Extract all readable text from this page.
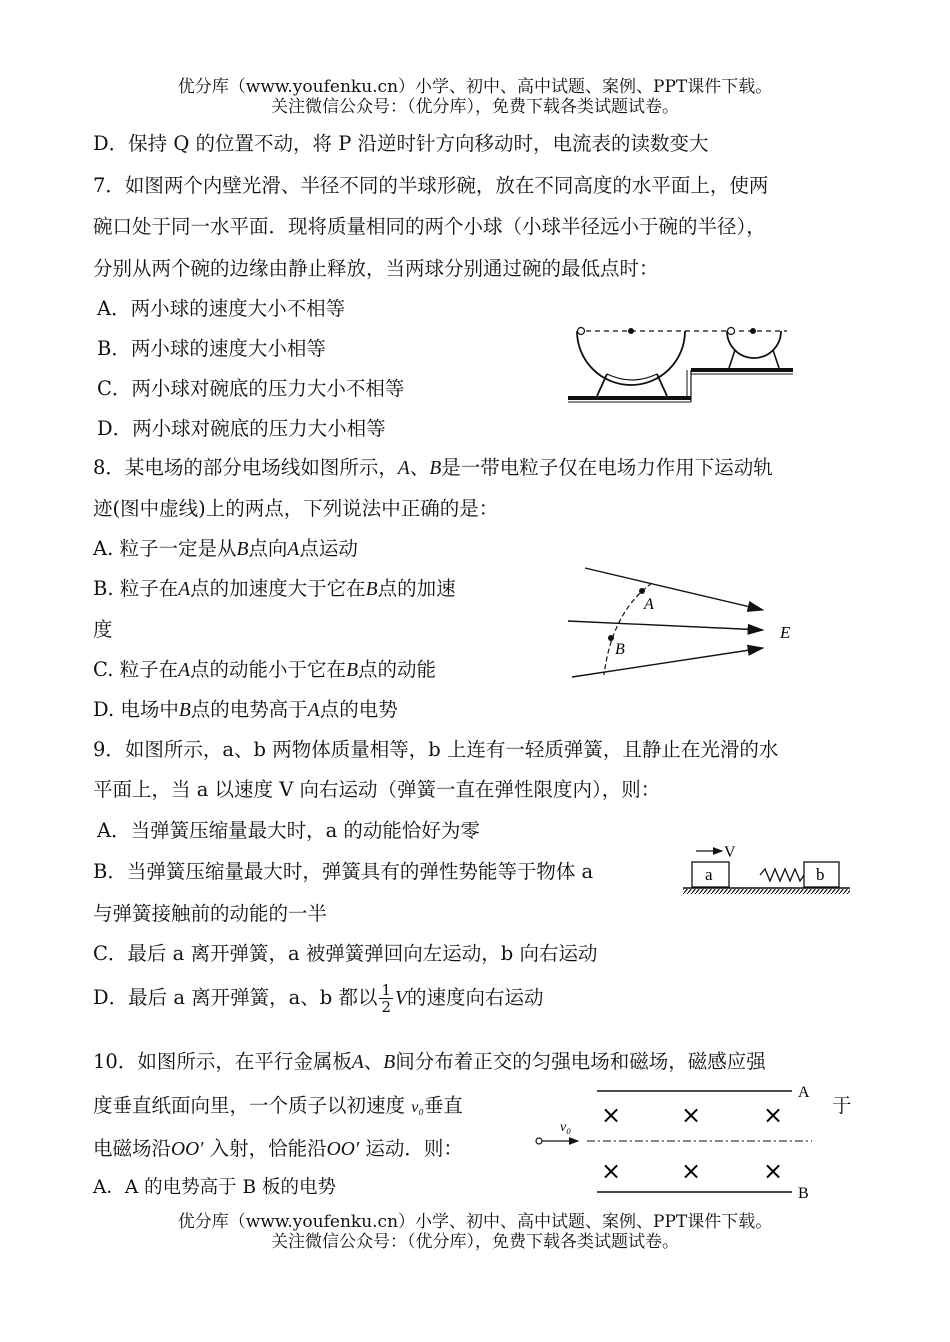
优分库（www.youfenku.cn）小学、初中、高中试题、案例、PPT课件下载。
关注微信公众号：（优分库），免费下载各类试题试卷。
D．保持 Q 的位置不动，将 P 沿逆时针方向移动时，电流表的读数变大
7．如图两个内壁光滑、半径不同的半球形碗，放在不同高度的水平面上，使两
碗口处于同一水平面．现将质量相同的两个小球（小球半径远小于碗的半径），
分别从两个碗的边缘由静止释放，当两球分别通过碗的最低点时：
A．两小球的速度大小不相等
B．两小球的速度大小相等
C．两小球对碗底的压力大小不相等
D．两小球对碗底的压力大小相等
8．某电场的部分电场线如图所示，A、B是一带电粒子仅在电场力作用下运动轨
迹(图中虚线)上的两点，下列说法中正确的是：
A. 粒子一定是从B点向A点运动
B. 粒子在A点的加速度大于它在B点的加速
度
C. 粒子在A点的动能小于它在B点的动能
D. 电场中B点的电势高于A点的电势
A
B
E
9．如图所示，a、b 两物体质量相等，b 上连有一轻质弹簧，且静止在光滑的水
平面上，当 a 以速度 V 向右运动（弹簧一直在弹性限度内），则：
A．当弹簧压缩量最大时，a 的动能恰好为零
B．当弹簧压缩量最大时，弹簧具有的弹性势能等于物体 a
与弹簧接触前的动能的一半
C．最后 a 离开弹簧，a 被弹簧弹回向左运动，b 向右运动
D．最后 a 离开弹簧，a、b 都以 $\frac{1}{2}$ V的速度向右运动
V
a	b
10．如图所示，在平行金属板A、B间分布着正交的匀强电场和磁场，磁感应强
度垂直纸面向里，一个质子以初速度 v₀垂直	于
电磁场沿OO′ 入射，恰能沿OO′ 运动．则：
A．A 的电势高于 B 板的电势
A
B
v₀ × ×	×
× ×	×
优分库（www.youfenku.cn）小学、初中、高中试题、案例、PPT课件下载。
关注微信公众号：（优分库），免费下载各类试题试卷。
